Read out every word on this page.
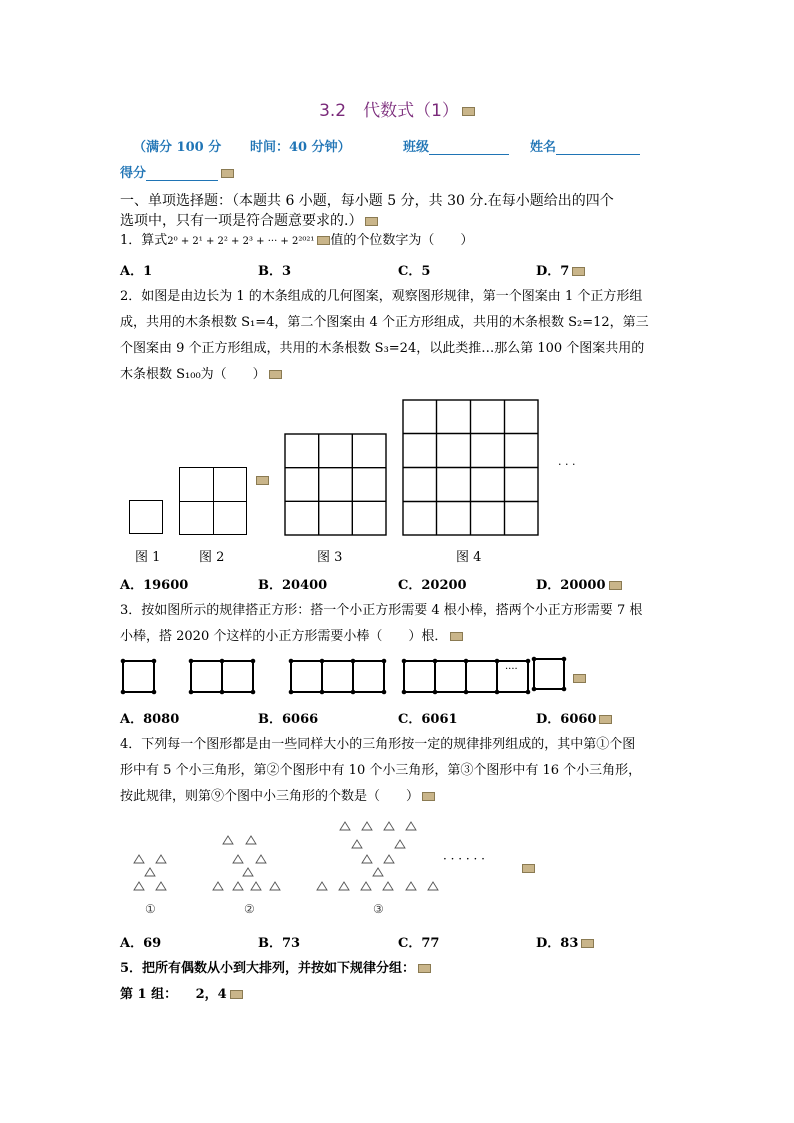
3.2　代数式（1）
（满分 100 分 时间：40 分钟）	班级	姓名
得分
一、单项选择题：（本题共 6 小题，每小题 5 分，共 30 分.在每小题给出的四个
选项中，只有一项是符合题意要求的.）
1．算式2⁰ + 2¹ + 2² + 2³ + ··· + 2²⁰²¹ 值的个位数字为（　　）
A．1	B．3	C．5	D．7
2．如图是由边长为 1 的木条组成的几何图案，观察图形规律，第一个图案由 1 个正方形组
成，共用的木条根数 S₁=4，第二个图案由 4 个正方形组成，共用的木条根数 S₂=12，第三
个图案由 9 个正方形组成，共用的木条根数 S₃=24，以此类推…那么第 100 个图案共用的
木条根数 S₁₀₀为（　　）
· · ·
图 1	图 2	图 3	图 4
A．19600	B．20400	C．20200	D．20000
3．按如图所示的规律搭正方形：搭一个小正方形需要 4 根小棒，搭两个小正方形需要 7 根
小棒，搭 2020 个这样的小正方形需要小棒（　　）根．
····
A．8080	B．6066	C．6061	D．6060
4．下列每一个图形都是由一些同样大小的三角形按一定的规律排列组成的，其中第①个图
形中有 5 个小三角形，第②个图形中有 10 个小三角形，第③个图形中有 16 个小三角形，
按此规律，则第⑨个图中小三角形的个数是（　　）
①	②	③
· · · · · ·
A．69	B．73	C．77	D．83
5．把所有偶数从小到大排列，并按如下规律分组：
第 1 组： 2，4
